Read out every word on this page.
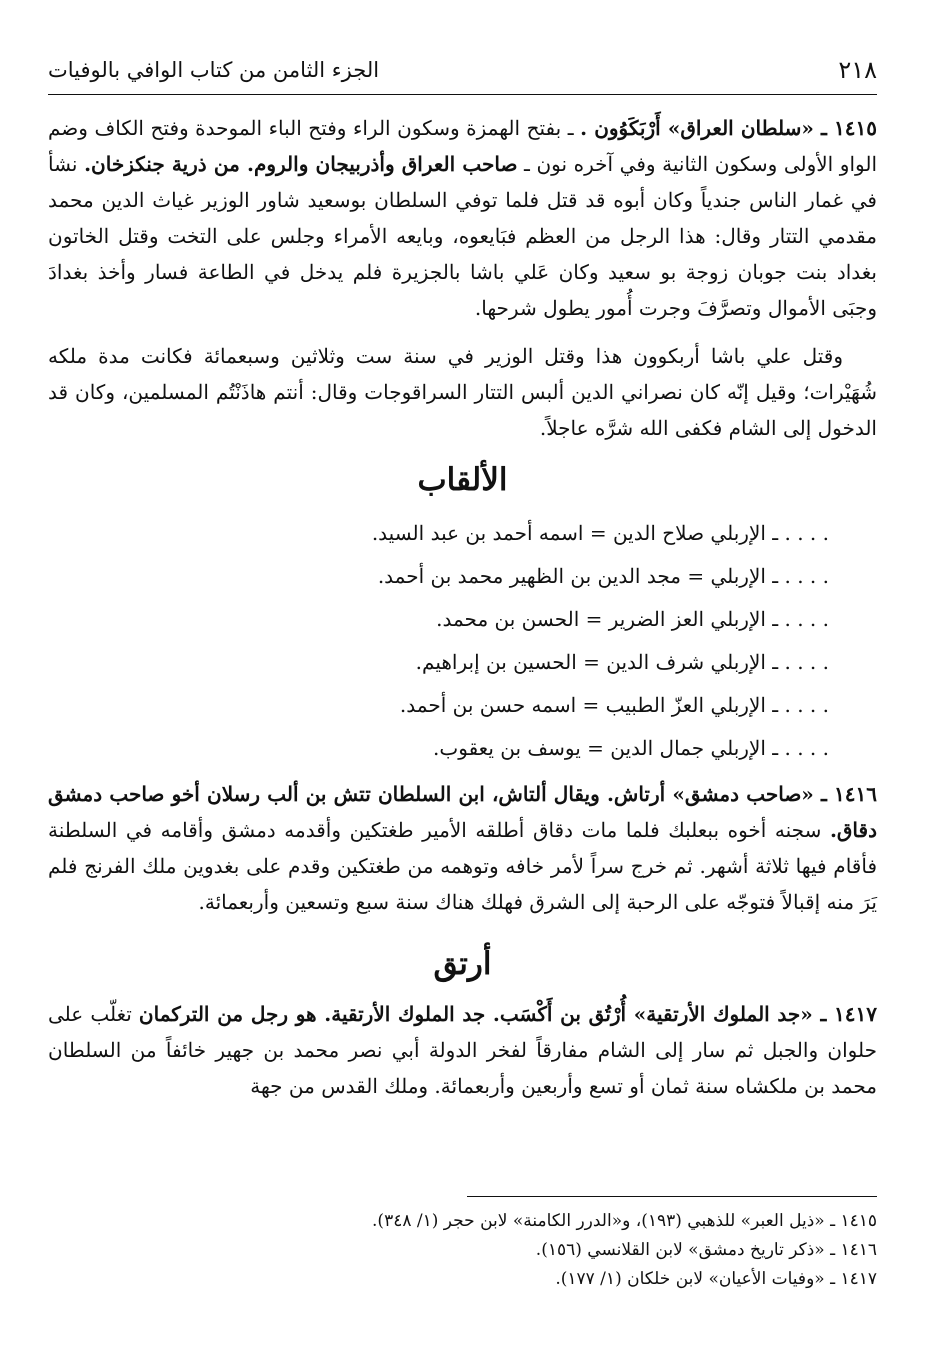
٢١٨
الجزء الثامن من كتاب الوافي بالوفيات

١٤١٥ ـ «سلطان العراق» أَرْبَكَوُون . ـ بفتح الهمزة وسكون الراء وفتح الباء الموحدة وفتح الكاف وضم الواو الأولى وسكون الثانية وفي آخره نون ـ صاحب العراق وأذربيجان والروم. من ذرية جنكزخان. نشأ في غمار الناس جندياً وكان أبوه قد قتل فلما توفي السلطان بوسعيد شاور الوزير غياث الدين محمد مقدمي التتار وقال: هذا الرجل من العظم فبَايعوه، وبايعه الأمراء وجلس على التخت وقتل الخاتون بغداد بنت جوبان زوجة بو سعيد وكان عَلي باشا بالجزيرة فلم يدخل في الطاعة فسار وأخذ بغدادَ وجبَى الأموال وتصرَّفَ وجرت أُمور يطول شرحها.

وقتل علي باشا أربكوون هذا وقتل الوزير في سنة ست وثلاثين وسبعمائة فكانت مدة ملكه شُهَيْرات؛ وقيل إنّه كان نصراني الدين ألبس التتار السراقوجات وقال: أنتم هاذَنْتُم المسلمين، وكان قد الدخول إلى الشام فكفى الله شرَّه عاجلاً.

الألقاب
. . . . ـ الإربلي صلاح الدين = اسمه أحمد بن عبد السيد.
. . . . ـ الإربلي = مجد الدين بن الظهير محمد بن أحمد.
. . . . ـ الإربلي العز الضرير = الحسن بن محمد.
. . . . ـ الإربلي شرف الدين = الحسين بن إبراهيم.
. . . . ـ الإربلي العزّ الطبيب = اسمه حسن بن أحمد.
. . . . ـ الإربلي جمال الدين = يوسف بن يعقوب.

١٤١٦ ـ «صاحب دمشق» أرتاش. ويقال ألتاش، ابن السلطان تتش بن ألب رسلان أخو صاحب دمشق دقاق. سجنه أخوه ببعلبك فلما مات دقاق أطلقه الأمير طغتكين وأقدمه دمشق وأقامه في السلطنة فأقام فيها ثلاثة أشهر. ثم خرج سراً لأمر خافه وتوهمه من طغتكين وقدم على بغدوين ملك الفرنج فلم يَرَ منه إقبالاً فتوجّه على الرحبة إلى الشرق فهلك هناك سنة سبع وتسعين وأربعمائة.

أرتق

١٤١٧ ـ «جد الملوك الأرتقية» أُرْتُق بن أَكْسَب. جد الملوك الأرتقية. هو رجل من التركمان تغلّب على حلوان والجبل ثم سار إلى الشام مفارقاً لفخر الدولة أبي نصر محمد بن جهير خائفاً من السلطان محمد بن ملكشاه سنة ثمان أو تسع وأربعين وأربعمائة. وملك القدس من جهة

١٤١٥ ـ «ذيل العبر» للذهبي (١٩٣)، و«الدرر الكامنة» لابن حجر (١/ ٣٤٨).
١٤١٦ ـ «ذكر تاريخ دمشق» لابن القلانسي (١٥٦).
١٤١٧ ـ «وفيات الأعيان» لابن خلكان (١/ ١٧٧).
